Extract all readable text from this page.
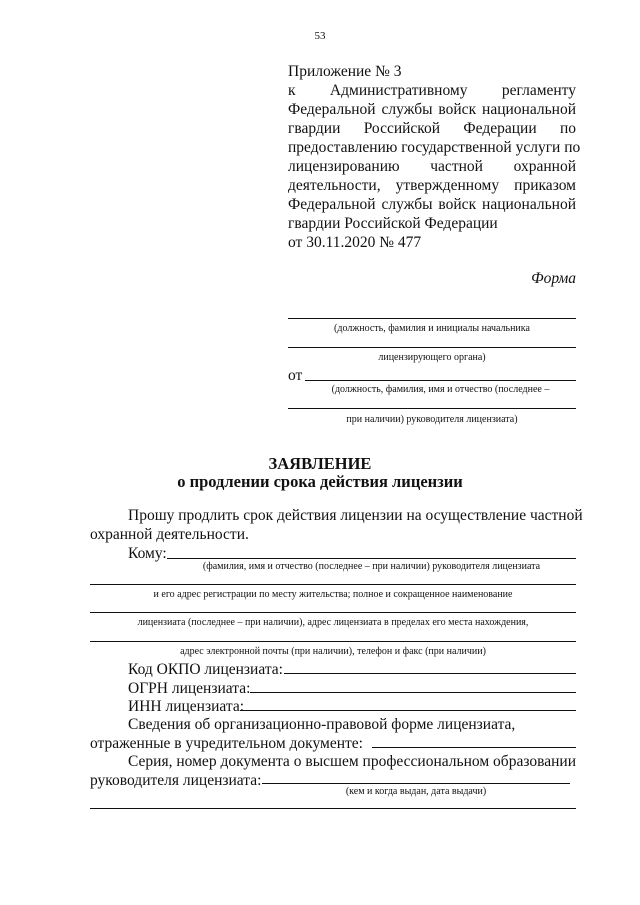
53
Приложение № 3
к Административному регламенту
Федеральной службы войск национальной
гвардии Российской Федерации по
предоставлению государственной услуги по
лицензированию частной охранной
деятельности, утвержденному приказом
Федеральной службы войск национальной
гвардии Российской Федерации
от 30.11.2020 № 477
Форма
(должность, фамилия и инициалы начальника
лицензирующего органа)
от
(должность, фамилия, имя и отчество (последнее –
при наличии) руководителя лицензиата)
ЗАЯВЛЕНИЕ
о продлении срока действия лицензии
Прошу продлить срок действия лицензии на осуществление частной
охранной деятельности.
Кому:
(фамилия, имя и отчество (последнее – при наличии) руководителя лицензиата
и его адрес регистрации по месту жительства; полное и сокращенное наименование
лицензиата (последнее – при наличии), адрес лицензиата в пределах его места нахождения,
адрес электронной почты (при наличии), телефон и факс (при наличии)
Код ОКПО лицензиата:
ОГРН лицензиата:
ИНН лицензиата:
Сведения об организационно-правовой форме лицензиата,
отраженные в учредительном документе:
Серия, номер документа о высшем профессиональном образовании
руководителя лицензиата:
(кем и когда выдан, дата выдачи)
